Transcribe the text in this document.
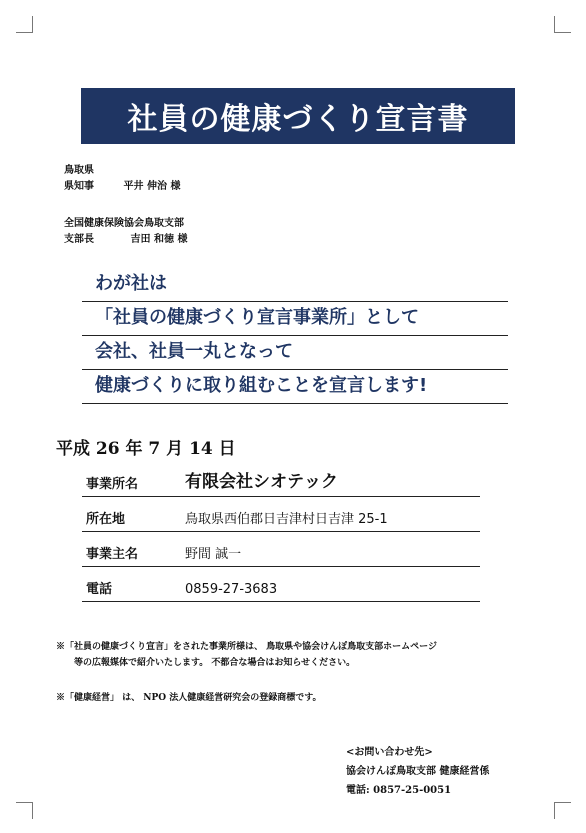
社員の健康づくり宣言書
鳥取県
県知事	平井 伸治 様
全国健康保険協会鳥取支部
支部長	吉田 和徳 様
わが社は
「社員の健康づくり宣言事業所」として
会社、社員一丸となって
健康づくりに取り組むことを宣言します!
平成 26 年 7 月 14 日
事業所名	有限会社シオテック
所在地	鳥取県西伯郡日吉津村日吉津 25-1
事業主名	野間 誠一
電話	0859-27-3683
※「社員の健康づくり宣言」をされた事業所様は、 鳥取県や協会けんぽ鳥取支部ホームページ
等の広報媒体で紹介いたします。 不都合な場合はお知らせください。
※「健康経営」 は、 NPO 法人健康経営研究会の登録商標です。
<お問い合わせ先>
協会けんぽ鳥取支部 健康経営係
電話: 0857-25-0051
